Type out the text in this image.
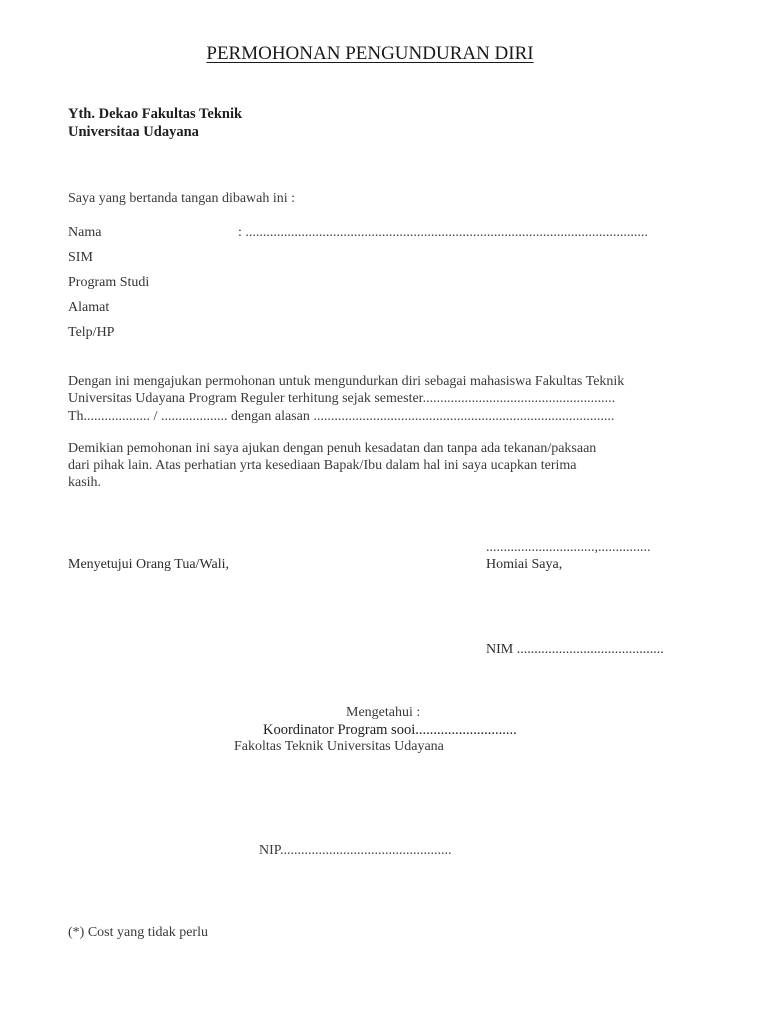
PERMOHONAN PENGUNDURAN DIRI
Yth. Dekao Fakultas Teknik
Universitaa Udayana
Saya yang bertanda tangan dibawah ini :
Nama	: ...................................................................................................................
SIM
Program Studi
Alamat
Telp/HP
Dengan ini mengajukan permohonan untuk mengundurkan diri sebagai mahasiswa Fakultas Teknik
Universitas Udayana Program Reguler terhitung sejak semester.......................................................
Th................... / ................... dengan alasan ......................................................................................
Demikian pemohonan ini saya ajukan dengan penuh kesadatan dan tanpa ada tekanan/paksaan
dari pihak lain. Atas perhatian yrta kesediaan Bapak/Ibu dalam hal ini saya ucapkan terima
kasih.
...............................,...............
Menyetujui Orang Tua/Wali,	Homiai Saya,
NIM ..........................................
Mengetahui :
Koordinator Program sooi............................
Fakoltas Teknik Universitas Udayana
NIP.................................................
(*) Cost yang tidak perlu
